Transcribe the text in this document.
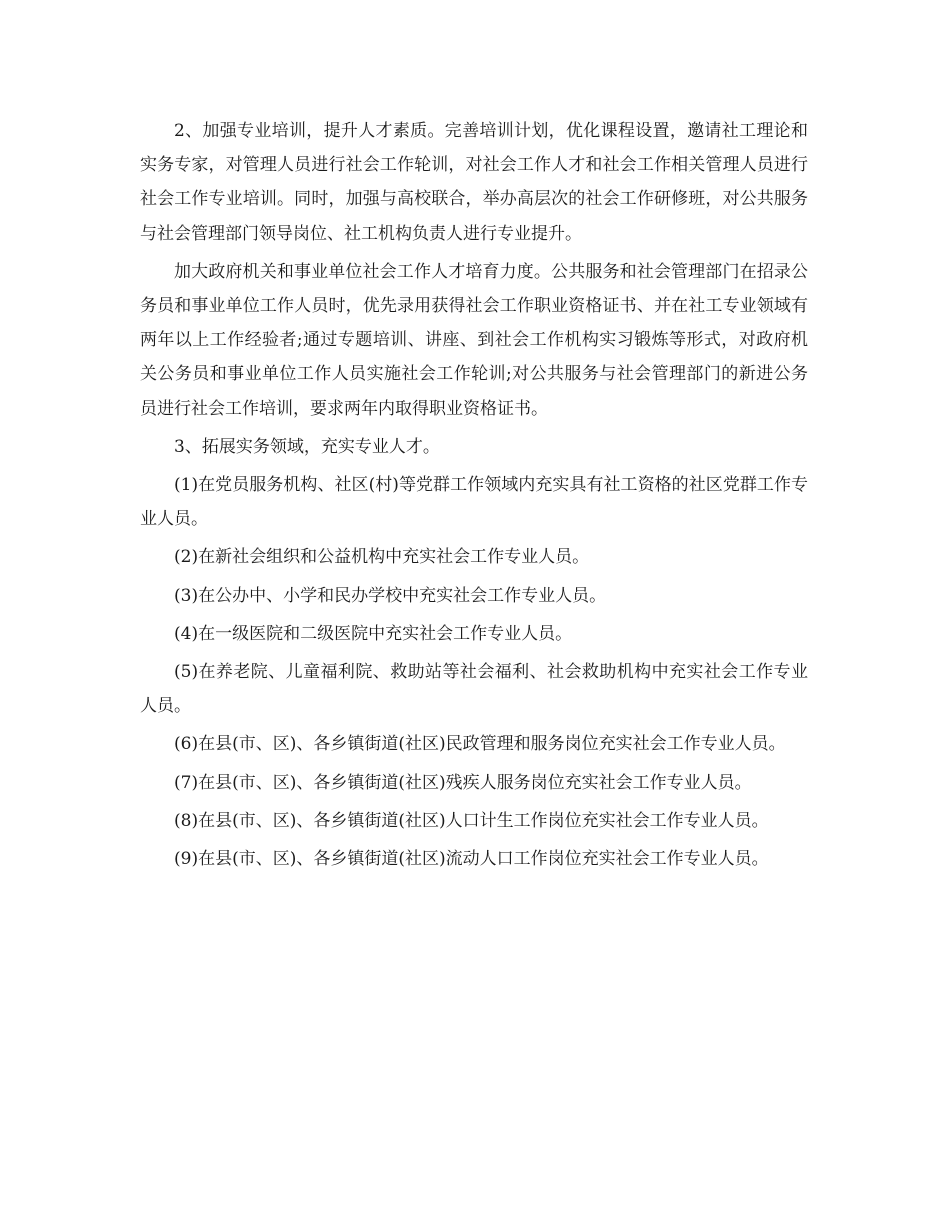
2、加强专业培训，提升人才素质。完善培训计划，优化课程设置，邀请社工理论和实务专家，对管理人员进行社会工作轮训，对社会工作人才和社会工作相关管理人员进行社会工作专业培训。同时，加强与高校联合，举办高层次的社会工作研修班，对公共服务与社会管理部门领导岗位、社工机构负责人进行专业提升。

加大政府机关和事业单位社会工作人才培育力度。公共服务和社会管理部门在招录公务员和事业单位工作人员时，优先录用获得社会工作职业资格证书、并在社工专业领域有两年以上工作经验者;通过专题培训、讲座、到社会工作机构实习锻炼等形式，对政府机关公务员和事业单位工作人员实施社会工作轮训;对公共服务与社会管理部门的新进公务员进行社会工作培训，要求两年内取得职业资格证书。

3、拓展实务领域，充实专业人才。

(1)在党员服务机构、社区(村)等党群工作领域内充实具有社工资格的社区党群工作专业人员。

(2)在新社会组织和公益机构中充实社会工作专业人员。

(3)在公办中、小学和民办学校中充实社会工作专业人员。

(4)在一级医院和二级医院中充实社会工作专业人员。

(5)在养老院、儿童福利院、救助站等社会福利、社会救助机构中充实社会工作专业人员。

(6)在县(市、区)、各乡镇街道(社区)民政管理和服务岗位充实社会工作专业人员。

(7)在县(市、区)、各乡镇街道(社区)残疾人服务岗位充实社会工作专业人员。

(8)在县(市、区)、各乡镇街道(社区)人口计生工作岗位充实社会工作专业人员。

(9)在县(市、区)、各乡镇街道(社区)流动人口工作岗位充实社会工作专业人员。
